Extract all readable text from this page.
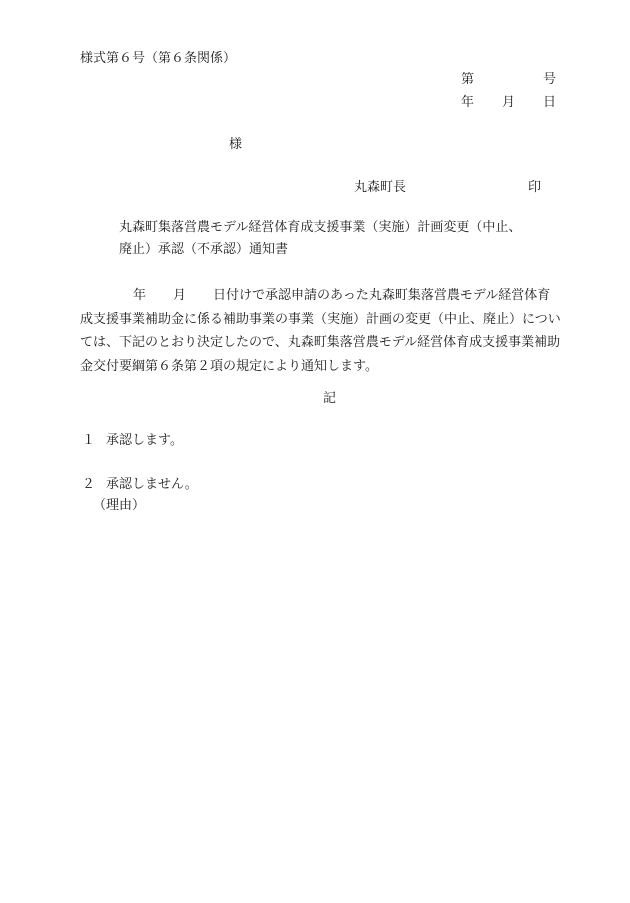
様式第６号（第６条関係）
第	号
年 月 日
様
丸森町長	印
丸森町集落営農モデル経営体育成支援事業（実施）計画変更（中止、
廃止）承認（不承認）通知書
年 月 日付けで承認申請のあった丸森町集落営農モデル経営体育
成支援事業補助金に係る補助事業の事業（実施）計画の変更（中止、廃止）につい
ては、下記のとおり決定したので、丸森町集落営農モデル経営体育成支援事業補助
金交付要綱第６条第２項の規定により通知します。
記
１ 承認します。
２ 承認しません。
（理由）
